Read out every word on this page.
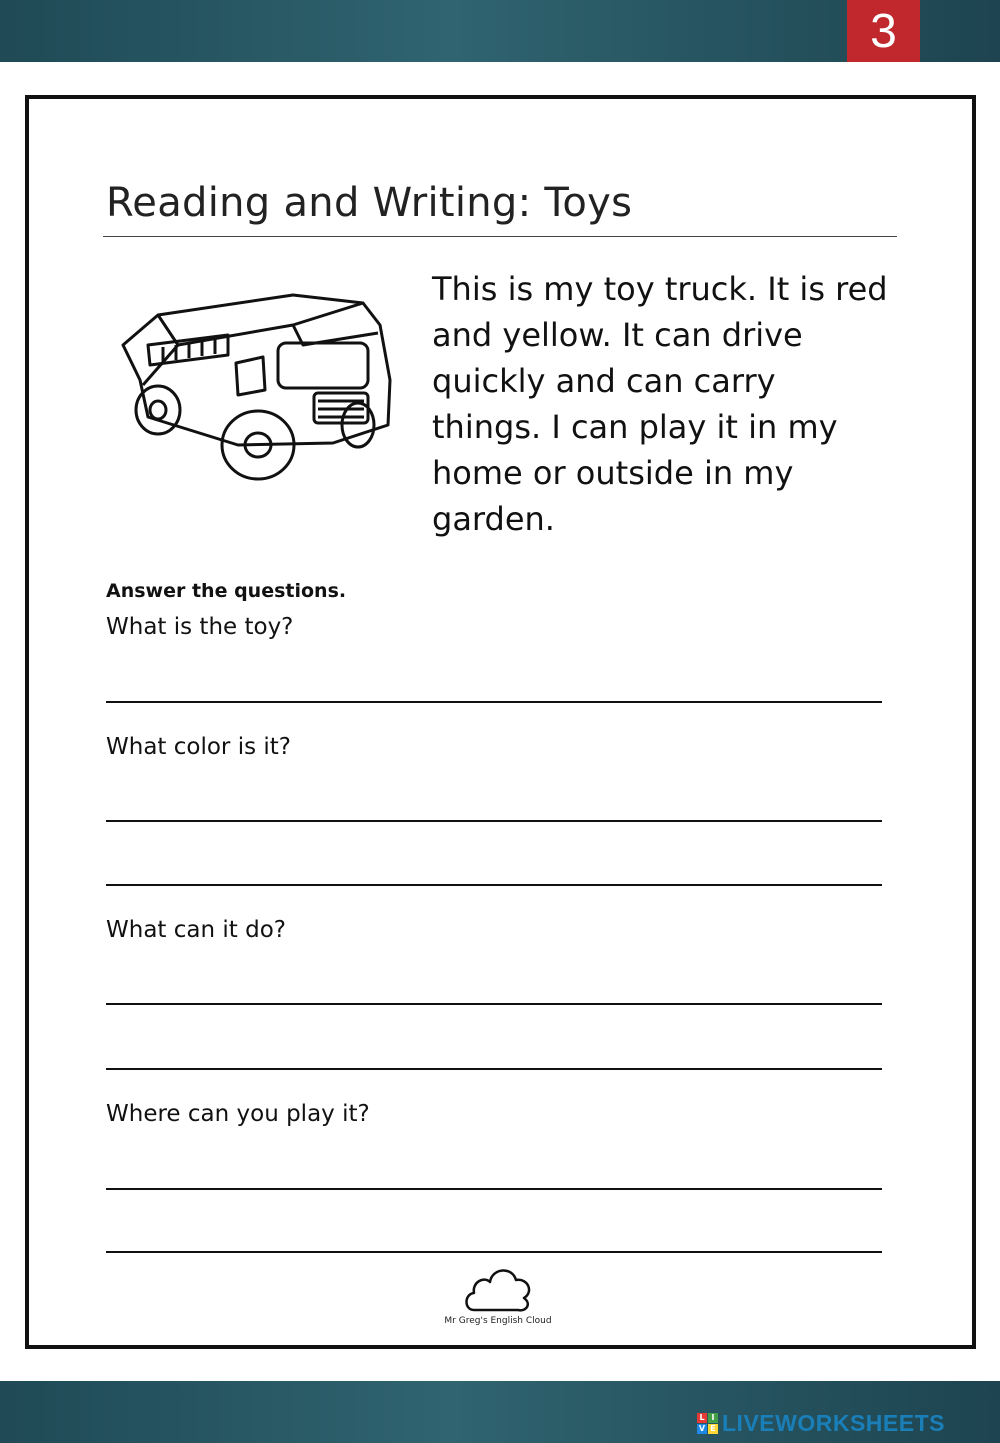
3
Reading and Writing: Toys
This is my toy truck. It is red and yellow. It can drive quickly and can carry things. I can play it in my home or outside in my garden.
Answer the questions.
What is the toy?
What color is it?
What can it do?
Where can you play it?
Mr Greg's English Cloud
L I
V E LIVEWORKSHEETS
